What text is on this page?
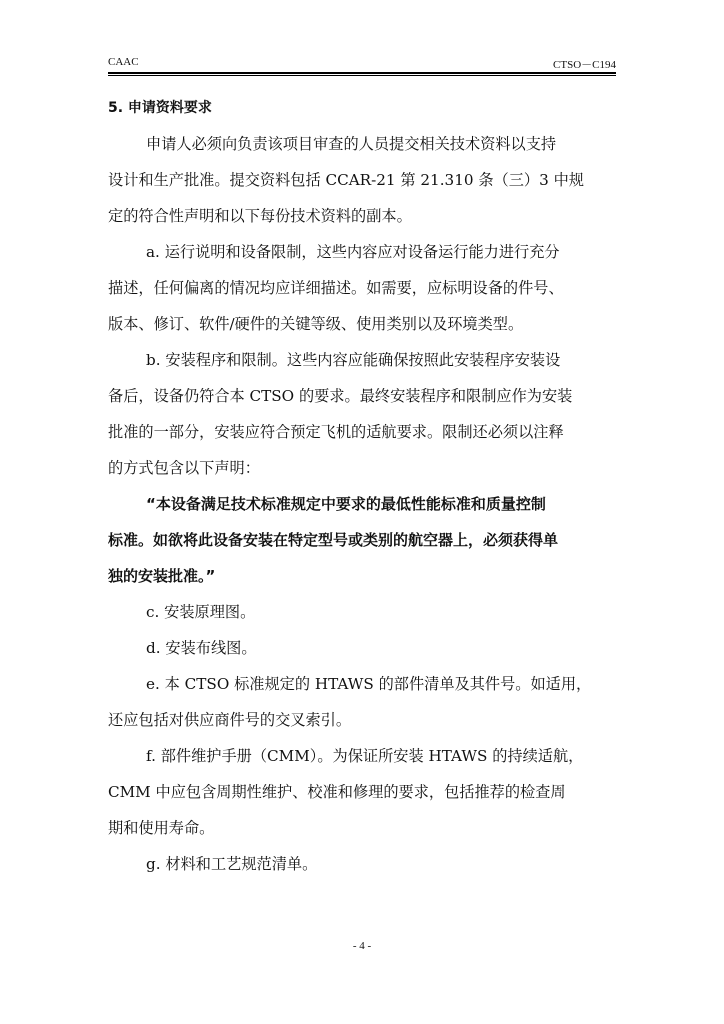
CAAC	CTSO－C194
5. 申请资料要求

申请人必须向负责该项目审查的人员提交相关技术资料以支持
设计和生产批准。提交资料包括 CCAR-21 第 21.310 条（三）3 中规
定的符合性声明和以下每份技术资料的副本。

a. 运行说明和设备限制，这些内容应对设备运行能力进行充分
描述，任何偏离的情况均应详细描述。如需要，应标明设备的件号、
版本、修订、软件/硬件的关键等级、使用类别以及环境类型。

b. 安装程序和限制。这些内容应能确保按照此安装程序安装设
备后，设备仍符合本 CTSO 的要求。最终安装程序和限制应作为安装
批准的一部分，安装应符合预定飞机的适航要求。限制还必须以注释
的方式包含以下声明：

“本设备满足技术标准规定中要求的最低性能标准和质量控制
标准。如欲将此设备安装在特定型号或类别的航空器上，必须获得单
独的安装批准。”

c. 安装原理图。

d. 安装布线图。

e. 本 CTSO 标准规定的 HTAWS 的部件清单及其件号。如适用，
还应包括对供应商件号的交叉索引。

f. 部件维护手册（CMM）。为保证所安装 HTAWS 的持续适航，
CMM 中应包含周期性维护、校准和修理的要求，包括推荐的检查周
期和使用寿命。

g. 材料和工艺规范清单。

- 4 -
